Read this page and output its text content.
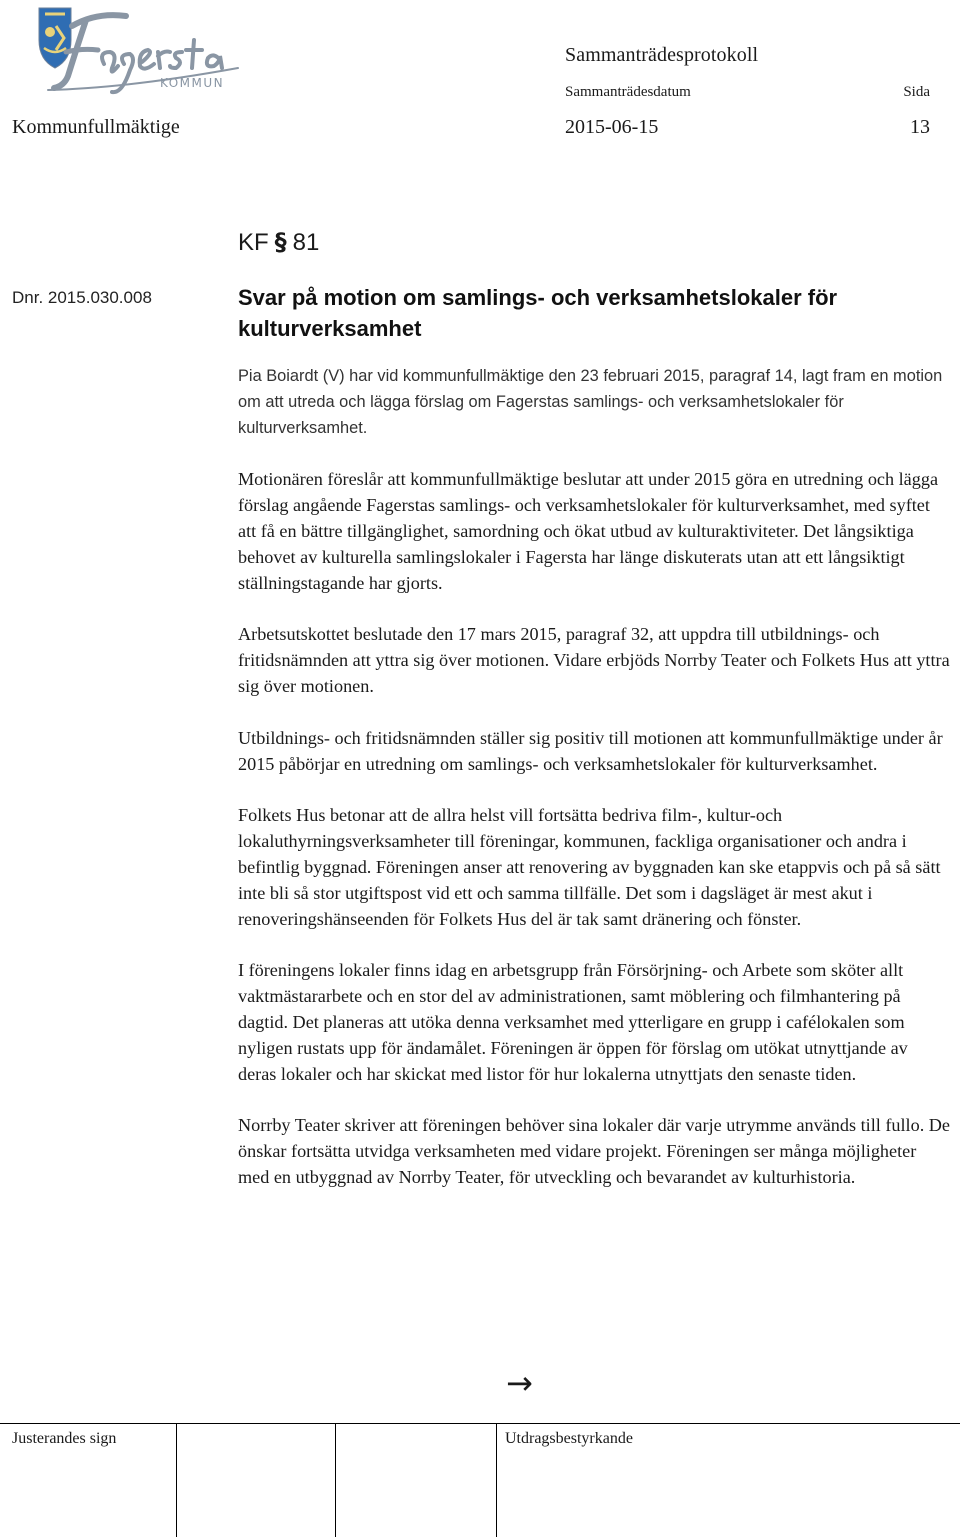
KOMMUN
Sammanträdesprotokoll
Sammanträdesdatum	Sida
Kommunfullmäktige	2015-06-15	13
KF § 81
Dnr. 2015.030.008	Svar på motion om samlings- och verksamhetslokaler för kulturverksamhet

Pia Boiardt (V) har vid kommunfullmäktige den 23 februari 2015, paragraf 14, lagt fram en motion om att utreda och lägga förslag om Fagerstas samlings- och verksamhetslokaler för kulturverksamhet.

Motionären föreslår att kommunfullmäktige beslutar att under 2015 göra en utredning och lägga förslag angående Fagerstas samlings- och verksamhetslokaler för kulturverksamhet, med syftet att få en bättre tillgänglighet, samordning och ökat utbud av kulturaktiviteter. Det långsiktiga behovet av kulturella samlingslokaler i Fagersta har länge diskuterats utan att ett långsiktigt ställningstagande har gjorts.

Arbetsutskottet beslutade den 17 mars 2015, paragraf 32, att uppdra till utbildnings- och fritidsnämnden att yttra sig över motionen. Vidare erbjöds Norrby Teater och Folkets Hus att yttra sig över motionen.

Utbildnings- och fritidsnämnden ställer sig positiv till motionen att kommunfullmäktige under år 2015 påbörjar en utredning om samlings- och verksamhetslokaler för kulturverksamhet.

Folkets Hus betonar att de allra helst vill fortsätta bedriva film-, kultur-och lokaluthyrningsverksamheter till föreningar, kommunen, fackliga organisationer och andra i befintlig byggnad. Föreningen anser att renovering av byggnaden kan ske etappvis och på så sätt inte bli så stor utgiftspost vid ett och samma tillfälle. Det som i dagsläget är mest akut i renoveringshänseenden för Folkets Hus del är tak samt dränering och fönster.

I föreningens lokaler finns idag en arbetsgrupp från Försörjning- och Arbete som sköter allt vaktmästararbete och en stor del av administrationen, samt möblering och filmhantering på dagtid. Det planeras att utöka denna verksamhet med ytterligare en grupp i cafélokalen som nyligen rustats upp för ändamålet. Föreningen är öppen för förslag om utökat utnyttjande av deras lokaler och har skickat med listor för hur lokalerna utnyttjats den senaste tiden.

Norrby Teater skriver att föreningen behöver sina lokaler där varje utrymme används till fullo. De önskar fortsätta utvidga verksamheten med vidare projekt. Föreningen ser många möjligheter med en utbyggnad av Norrby Teater, för utveckling och bevarandet av kulturhistoria.

→
Justerandes sign	Utdragsbestyrkande
